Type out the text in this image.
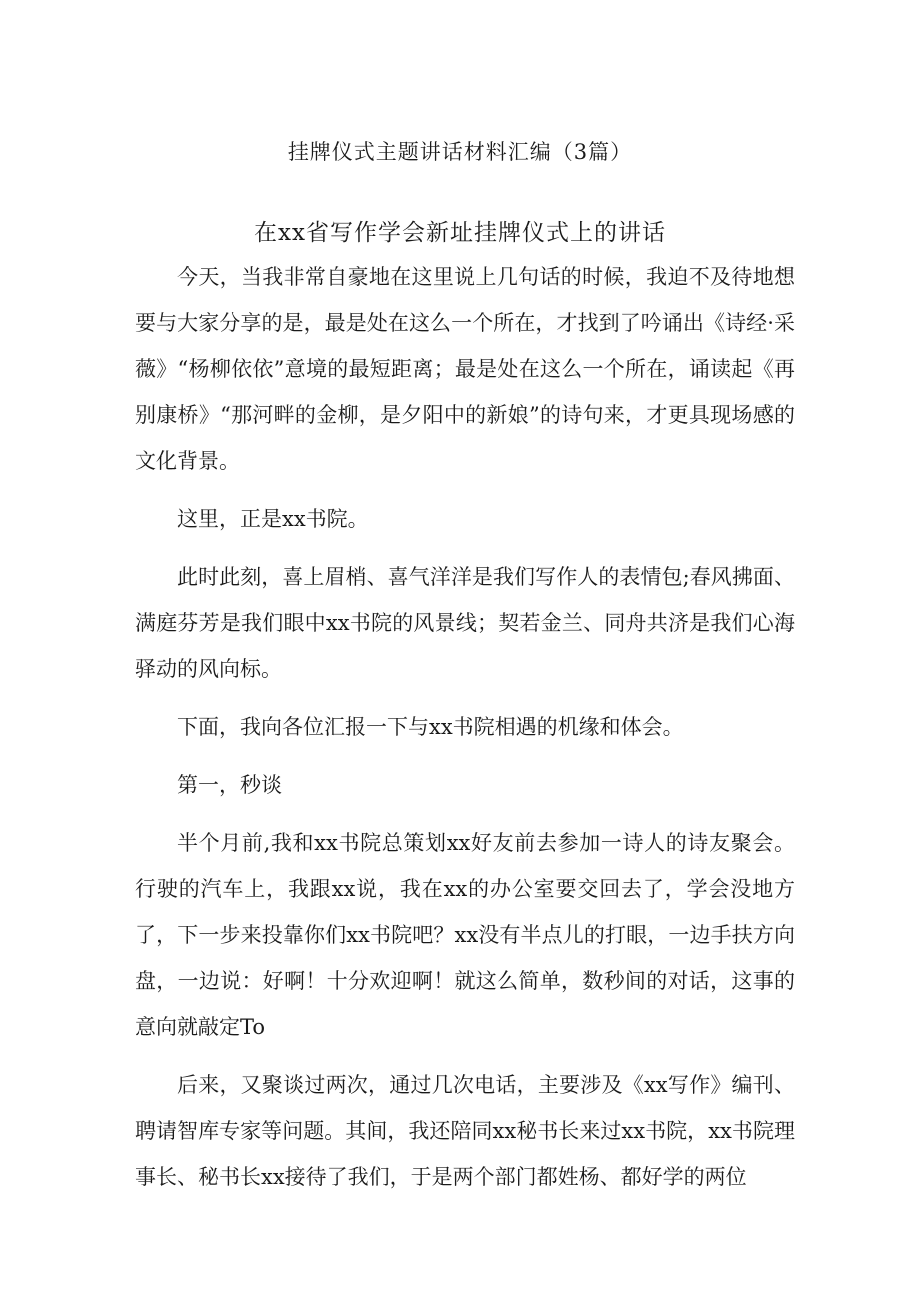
挂牌仪式主题讲话材料汇编（3篇）
在xx省写作学会新址挂牌仪式上的讲话

今天，当我非常自豪地在这里说上几句话的时候，我迫不及待地想要与大家分享的是，最是处在这么一个所在，才找到了吟诵出《诗经·采薇》“杨柳依依”意境的最短距离；最是处在这么一个所在，诵读起《再别康桥》“那河畔的金柳，是夕阳中的新娘”的诗句来，才更具现场感的文化背景。

这里，正是xx书院。

此时此刻，喜上眉梢、喜气洋洋是我们写作人的表情包;春风拂面、满庭芬芳是我们眼中xx书院的风景线；契若金兰、同舟共济是我们心海驿动的风向标。

下面，我向各位汇报一下与xx书院相遇的机缘和体会。

第一，秒谈

半个月前,我和xx书院总策划xx好友前去参加一诗人的诗友聚会。行驶的汽车上，我跟xx说，我在xx的办公室要交回去了，学会没地方了，下一步来投靠你们xx书院吧？xx没有半点儿的打眼，一边手扶方向盘，一边说：好啊！十分欢迎啊！就这么简单，数秒间的对话，这事的意向就敲定To

后来，又聚谈过两次，通过几次电话，主要涉及《xx写作》编刊、聘请智库专家等问题。其间，我还陪同xx秘书长来过xx书院，xx书院理事长、秘书长xx接待了我们，于是两个部门都姓杨、都好学的两位
